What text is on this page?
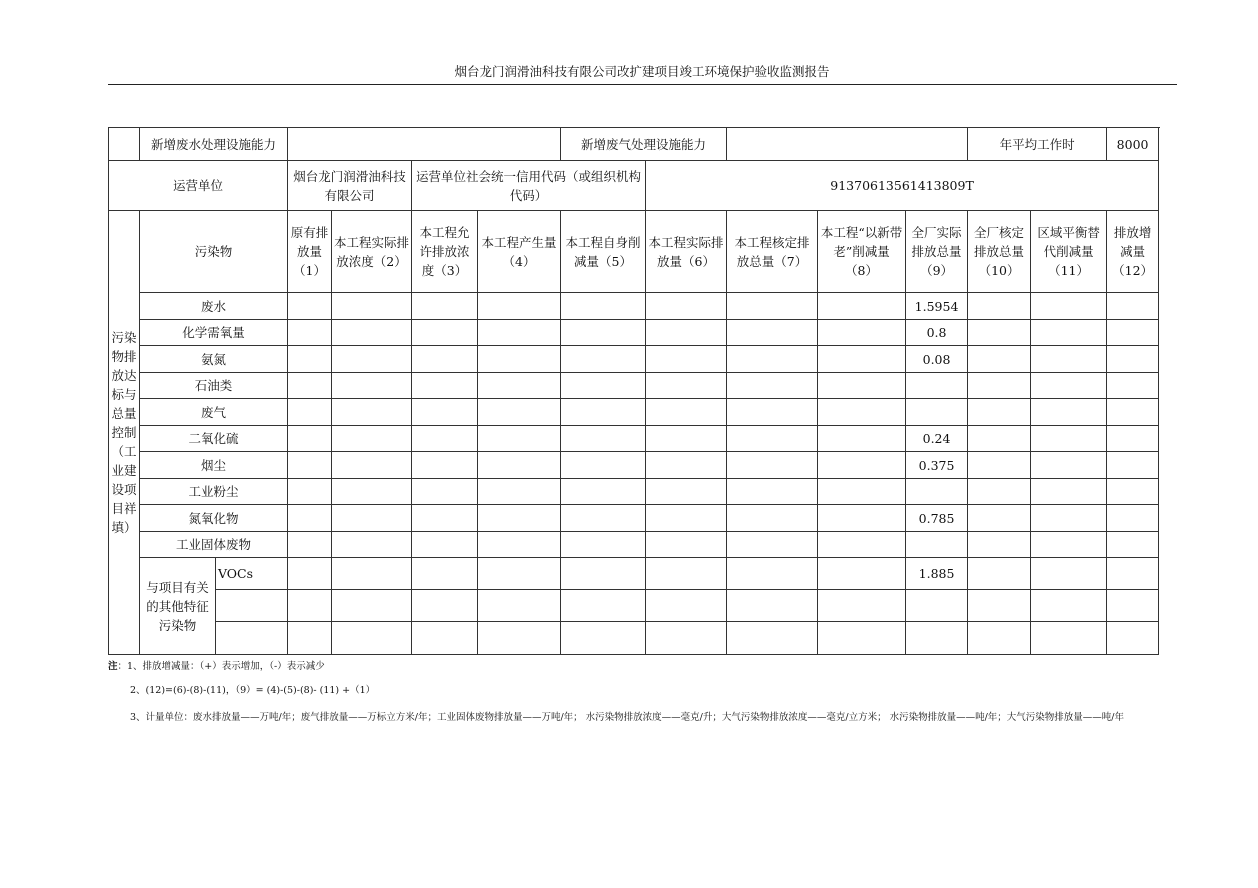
烟台龙门润滑油科技有限公司改扩建项目竣工环境保护验收监测报告
	新增废水处理设施能力						新增废气处理设施能力					年平均工作时		8000
运营单位			烟台龙门润滑油科技有限公司		运营单位社会统一信用代码（或组织机构代码）			91370613561413809T						
污染物排放达标与总量控制（工业建设项目祥填）	污染物		原有排放量（1）	本工程实际排放浓度（2）	本工程允许排放浓度（3）	本工程产生量（4）	本工程自身削减量（5）	本工程实际排放量（6）	本工程核定排放总量（7）	本工程“以新带老”削减量（8）	全厂实际排放总量（9）	全厂核定排放总量（10）	区域平衡替代削减量（11）	排放增减量（12）
	废水										1.5954			
	化学需氧量										0.8			
	氨氮										0.08			
	石油类													
	废气													
	二氧化硫										0.24			
	烟尘										0.375			
	工业粉尘													
	氮氧化物										0.785			
	工业固体废物													
	与项目有关的其他特征污染物	VOCs									1.885			

注：1、排放增减量：（+）表示增加，（-）表示减少
2、(12)=(6)-(8)-(11)，（9）= (4)-(5)-(8)- (11) +（1）
3、计量单位：废水排放量——万吨/年；废气排放量——万标立方米/年；工业固体废物排放量——万吨/年； 水污染物排放浓度——毫克/升；大气污染物排放浓度——毫克/立方米； 水污染物排放量——吨/年；大气污染物排放量——吨/年
